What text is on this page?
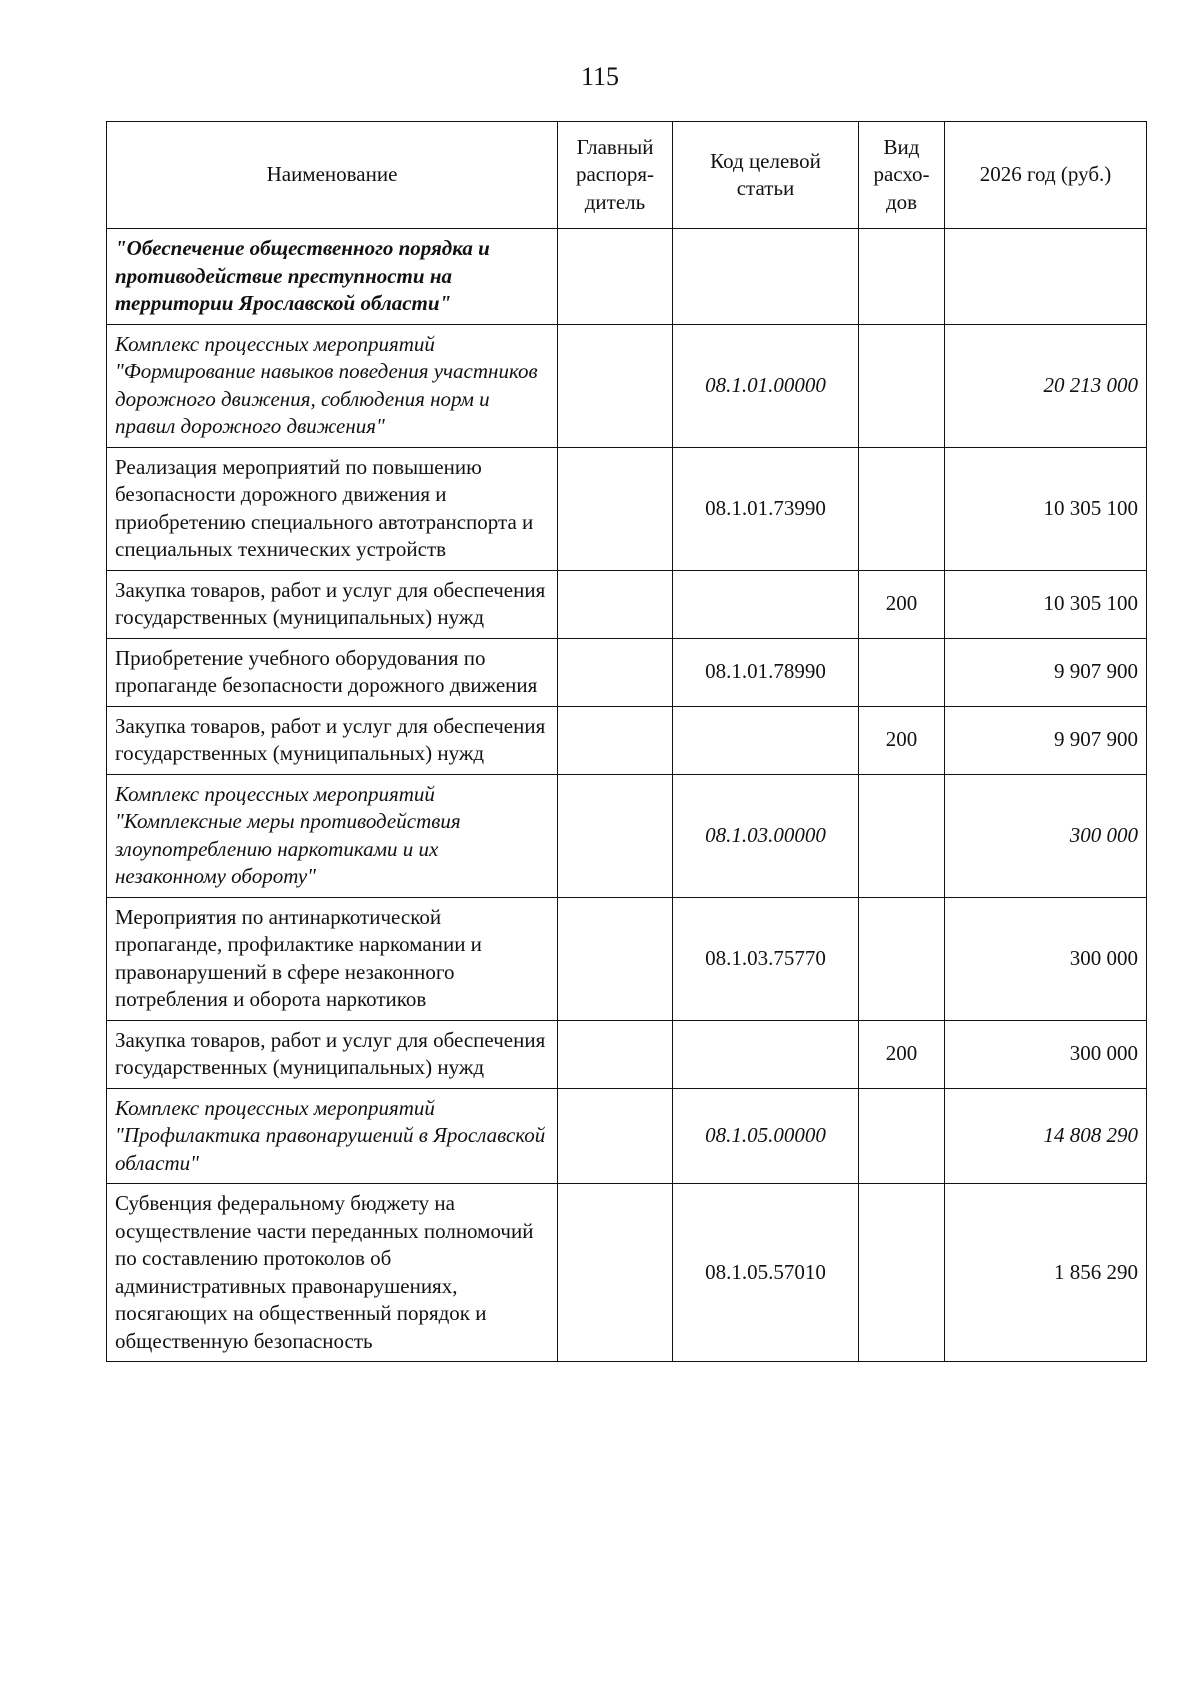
115
Наименование	Главный распоря-дитель	Код целевой статьи	Вид расхо-дов	2026 год (руб.)
"Обеспечение общественного порядка и противодействие преступности на территории Ярославской области"				
Комплекс процессных мероприятий "Формирование навыков поведения участников дорожного движения, соблюдения норм и правил дорожного движения"		08.1.01.00000		20 213 000
Реализация мероприятий по повышению безопасности дорожного движения и приобретению специального автотранспорта и специальных технических устройств		08.1.01.73990		10 305 100
Закупка товаров, работ и услуг для обеспечения государственных (муниципальных) нужд			200	10 305 100
Приобретение учебного оборудования по пропаганде безопасности дорожного движения		08.1.01.78990		9 907 900
Закупка товаров, работ и услуг для обеспечения государственных (муниципальных) нужд			200	9 907 900
Комплекс процессных мероприятий "Комплексные меры противодействия злоупотреблению наркотиками и их незаконному обороту"		08.1.03.00000		300 000
Мероприятия по антинаркотической пропаганде, профилактике наркомании и правонарушений в сфере незаконного потребления и оборота наркотиков		08.1.03.75770		300 000
Закупка товаров, работ и услуг для обеспечения государственных (муниципальных) нужд			200	300 000
Комплекс процессных мероприятий "Профилактика правонарушений в Ярославской области"		08.1.05.00000		14 808 290
Субвенция федеральному бюджету на осуществление части переданных полномочий по составлению протоколов об административных правонарушениях, посягающих на общественный порядок и общественную безопасность		08.1.05.57010		1 856 290
